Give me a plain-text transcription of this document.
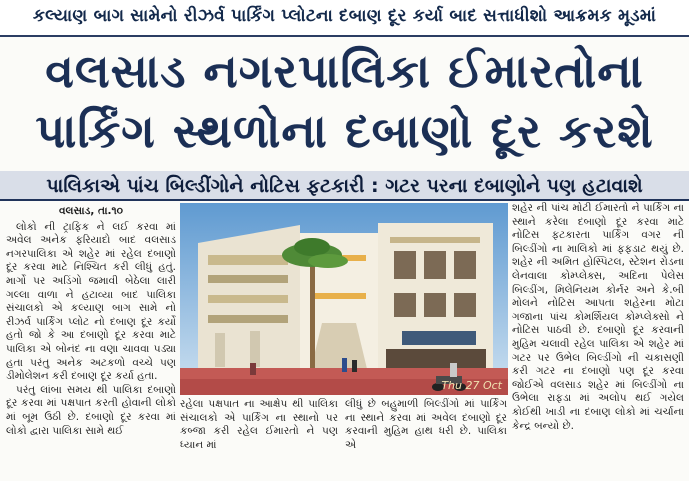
કલ્યાણ બાગ સામેનો રીઝર્વ પાર્કિંગ પ્લોટના દબાણ દૂર કર્યા બાદ સત્તાધીશો આક્રમક મૂડમાં
વલસાડ નગરપાલિકા ઈમારતોના
પાર્કિંગ સ્થળોના દબાણો દૂર કરશે
પાલિકાએ પાંચ બિલ્ડીંગોને નોટિસ ફટકારી : ગટર પરના દબાણોને પણ હટાવાશે
વલસાડ, તા.૧૦

લોકો ની ટ્રાફિક ને લઈ કરવા માં અવેલ અનેક ફરિયાદો બાદ વલસાડ નગરપાલિકા એ શહેર માં રહેલ દબાણો દૂર કરવા માટે નિશ્ચિત કરી લીધું હતું. માર્ગો પર અડિંગો જમાવી બેઠેલા લારી ગલ્લા વાળા ને હટાવ્યા બાદ પાલિકા સંચાલકો એ કલ્યાણ બાગ સામે નો રીઝર્વ પાર્કિંગ પ્લોટ નો દબાણ દૂર કર્યો હતો જો કે આ દબાણો દૂર કરવા માટે પાલિકા એ બોનંદ ના વણા ચાવવા પડ્યા હતા પરંતુ અનેક અટકળો વચ્ચે પણ ડીમોલેશન કરી દબાણ દૂર કર્યા હતા.

પરંતુ લાંબા સમય થી પાલિકા દબાણો દૂર કરવા માં પક્ષપાત કરતી હોવાની લોકો માં બૂમ ઉઠી છે. દબાણો દૂર કરવા માં લોકો દ્વારા પાલિકા સામે થઈ

Thu 27 Oct

રહેલા પક્ષપાત ના આક્ષેપ થી પાલિકા સંચાલકો એ પાર્કિંગ ના સ્થાનો પર કબ્જા કરી રહેલ ઈમારતો ને પણ ધ્યાન માં

લીધું છે બહુમાળી બિલ્ડીંગો માં પાર્કિંગ ના સ્થાને કરવા માં અવેલ દબાણો દૂર કરવાની મુહિમ હાથ ધરી છે. પાલિકા એ

શહેર ની પાંચ મોટી ઈમારતો ને પાર્કિંગ ના સ્થાને કરેલા દબાણો દૂર કરવા માટે નોટિસ ફટકારતા પાર્કિંગ વગર ની બિલ્ડીંગો ના માલિકો માં ફફડાટ થયું છે. શહેર ની અમિત હોસ્પિટલ, સ્ટેશન રોડના લેનવાલા કોમ્પ્લેક્સ, અદિના પેલેસ બિલ્ડીંગ, મિલેનિયમ કોર્નર અને કે.બી મોલને નોટિસ આપતા શહેરના મોટા ગજાના પાંચ કોમર્શિયલ કોમ્પ્લેક્સો ને નોટિસ પાઠવી છે. દબાણો દૂર કરવાની મુહિમ ચલાવી રહેલ પાલિકા એ શહેર માં ગટર પર ઉભેલ બિલ્ડીંગો ની ચકાસણી કરી ગટર ના દબાણો પણ દૂર કરવા જોઈએ વલસાડ શહેર માં બિલ્ડીંગો ના ઉભેલા રાફડા માં અલોપ થઈ ગયેલ કોઈથી ખાડી ના દબાણ લોકો માં ચર્ચાના કેન્દ્ર બન્યો છે.
